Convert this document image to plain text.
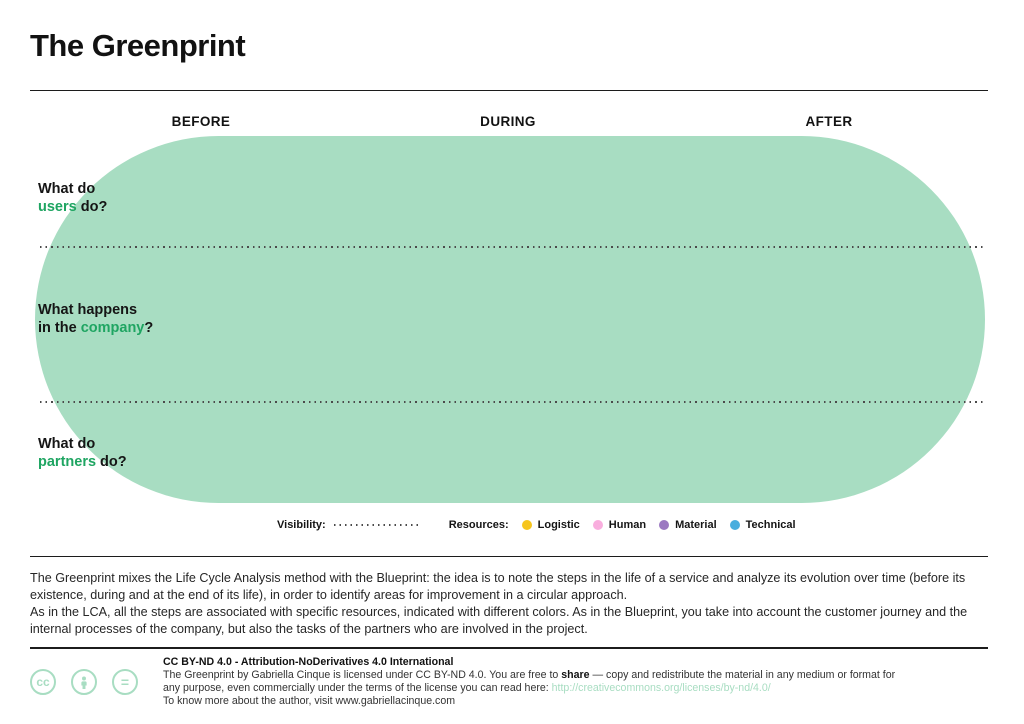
The Greenprint
BEFORE	DURING	AFTER
What do
users do?
What happens
in the company?
What do
partners do?
Visibility:	Resources:	Logistic	Human	Material	Technical

The Greenprint mixes the Life Cycle Analysis method with the Blueprint: the idea is to note the steps in the life of a service and analyze its evolution over time (before its existence, during and at the end of its life), in order to identify areas for improvement in a circular approach.

As in the LCA, all the steps are associated with specific resources, indicated with different colors. As in the Blueprint, you take into account the customer journey and the internal processes of the company, but also the tasks of the partners who are involved in the project.

cc	=
CC BY-ND 4.0 - Attribution-NoDerivatives 4.0 International
The Greenprint by Gabriella Cinque is licensed under CC BY-ND 4.0. You are free to share — copy and redistribute the material in any medium or format for any purpose, even commercially under the terms of the license you can read here: http://creativecommons.org/licenses/by-nd/4.0/
To know more about the author, visit www.gabriellacinque.com
